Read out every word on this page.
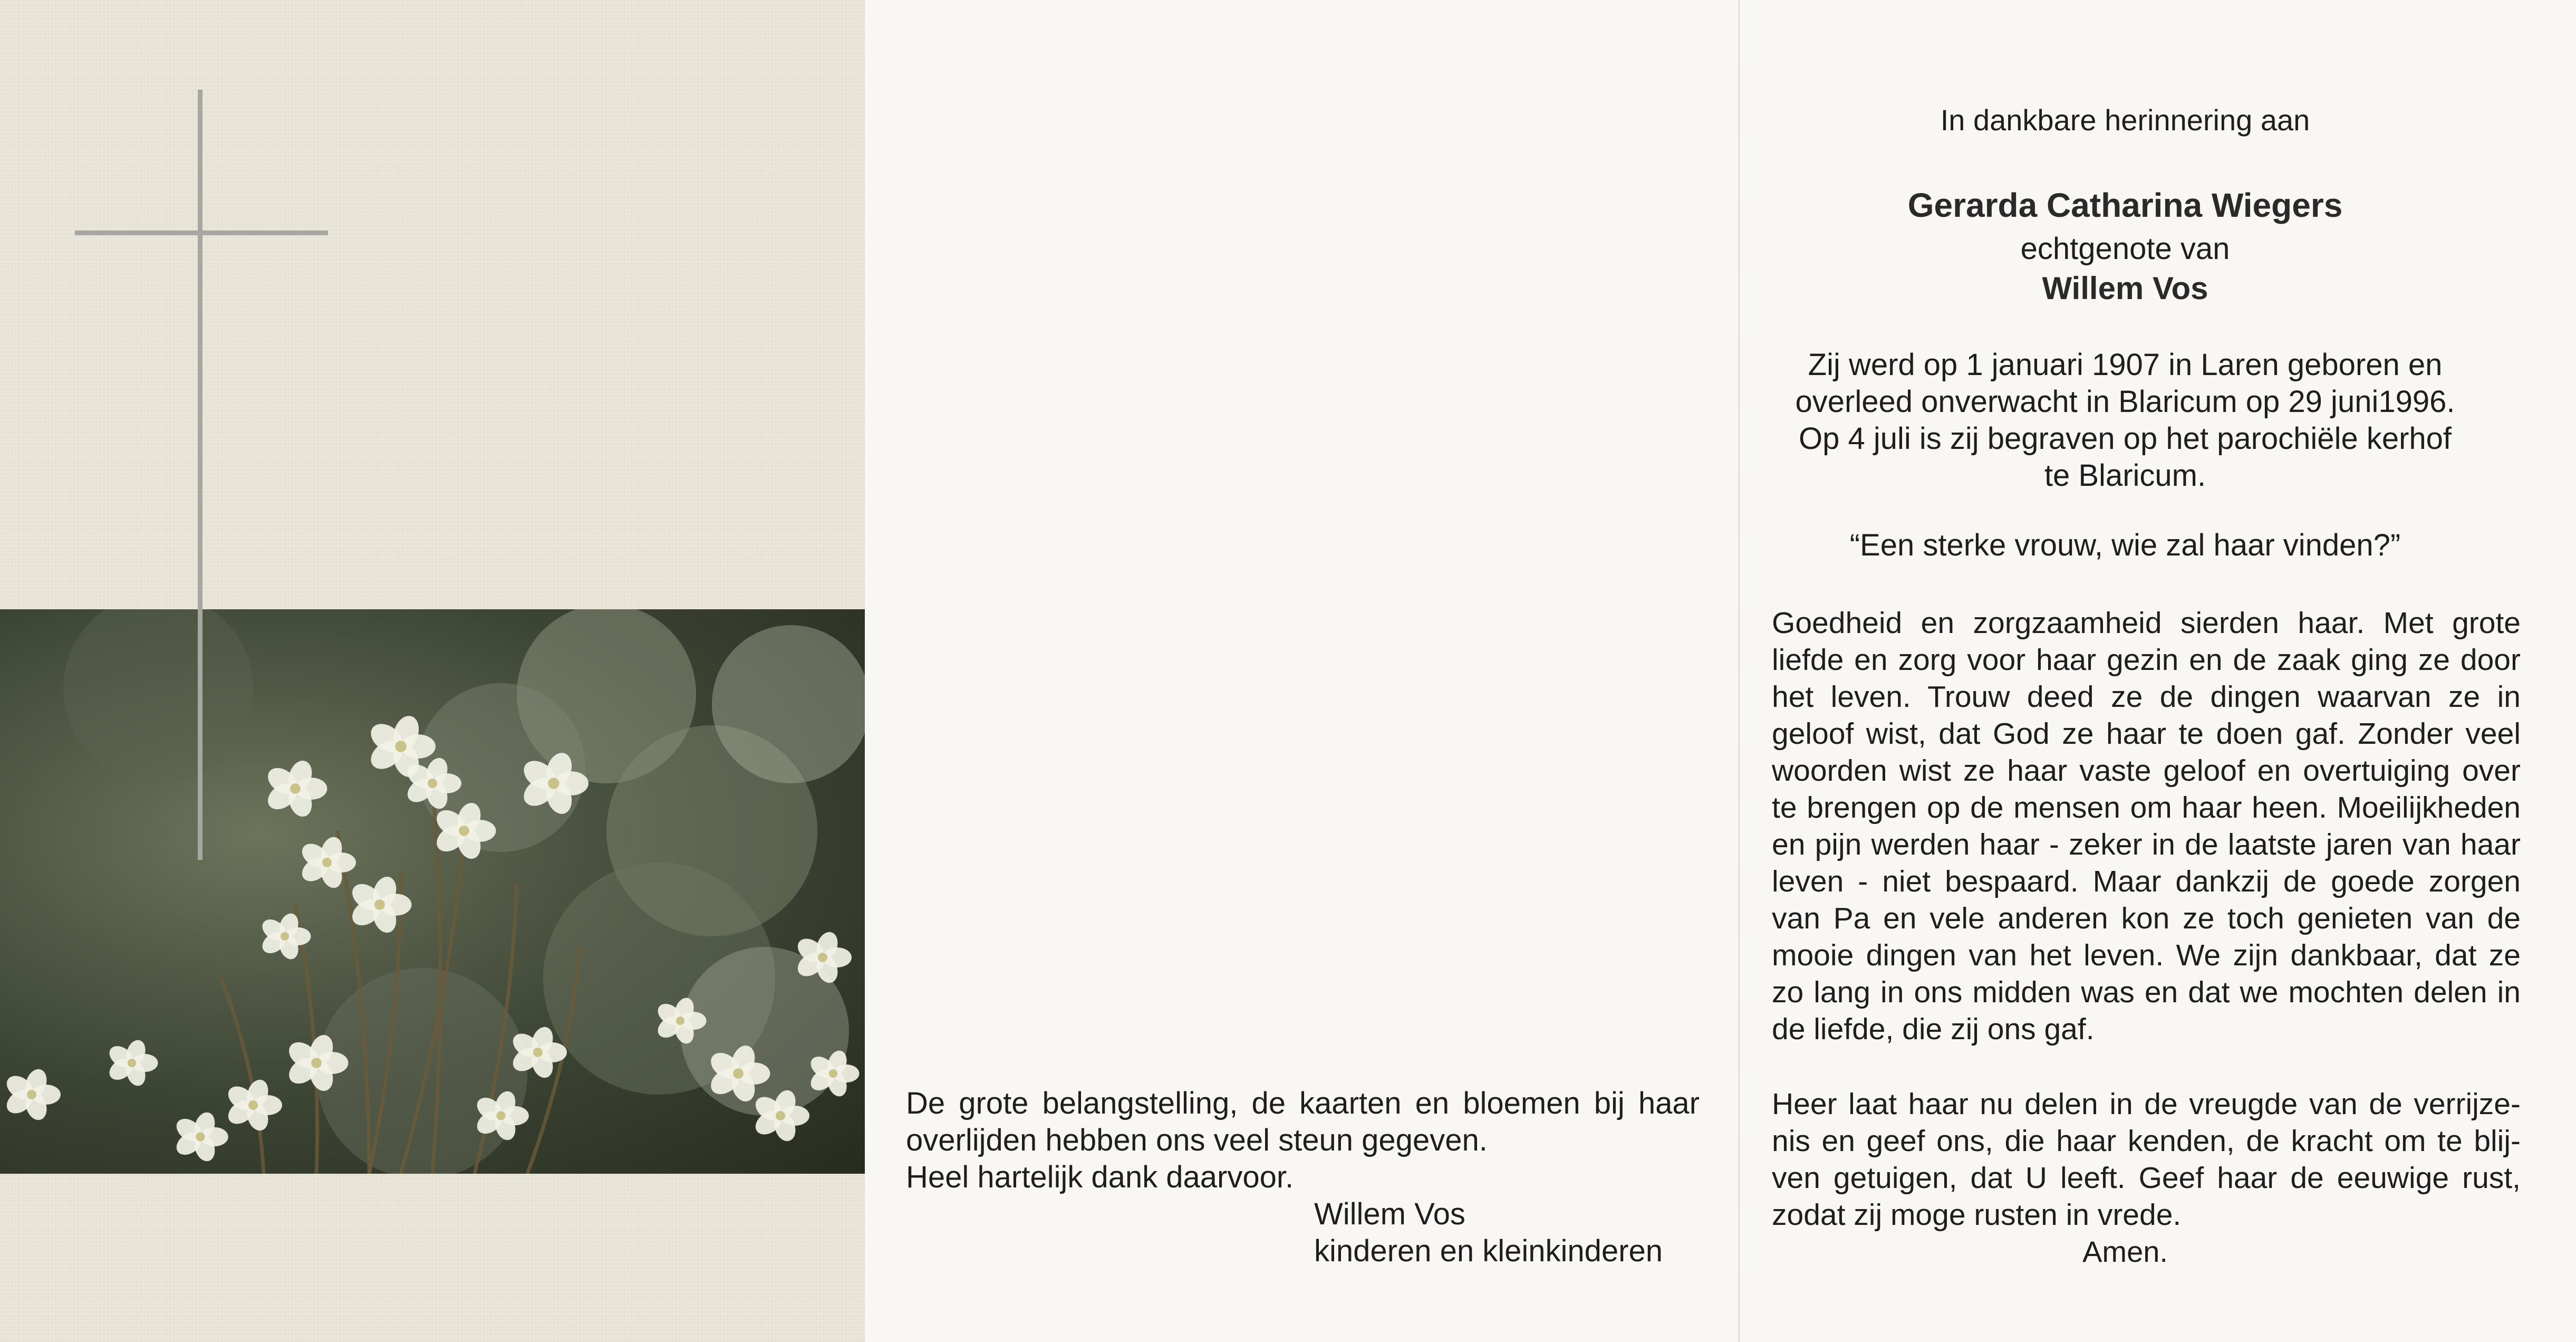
De grote belangstelling, de kaarten en bloemen bij haar
overlijden hebben ons veel steun gegeven.
Heel hartelijk dank daarvoor.
Willem Vos
kinderen en kleinkinderen
In dankbare herinnering aan
Gerarda Catharina Wiegers
echtgenote van
Willem Vos
Zij werd op 1 januari 1907 in Laren geboren en
overleed onverwacht in Blaricum op 29 juni1996.
Op 4 juli is zij begraven op het parochiële kerhof
te Blaricum.
“Een sterke vrouw, wie zal haar vinden?”
Goedheid en zorgzaamheid sierden haar. Met grote
liefde en zorg voor haar gezin en de zaak ging ze door
het leven. Trouw deed ze de dingen waarvan ze in
geloof wist, dat God ze haar te doen gaf. Zonder veel
woorden wist ze haar vaste geloof en overtuiging over
te brengen op de mensen om haar heen. Moeilijkheden
en pijn werden haar - zeker in de laatste jaren van haar
leven - niet bespaard. Maar dankzij de goede zorgen
van Pa en vele anderen kon ze toch genieten van de
mooie dingen van het leven. We zijn dankbaar, dat ze
zo lang in ons midden was en dat we mochten delen in
de liefde, die zij ons gaf.
Heer laat haar nu delen in de vreugde van de verrijze-
nis en geef ons, die haar kenden, de kracht om te blij-
ven getuigen, dat U leeft. Geef haar de eeuwige rust,
zodat zij moge rusten in vrede.
Amen.
